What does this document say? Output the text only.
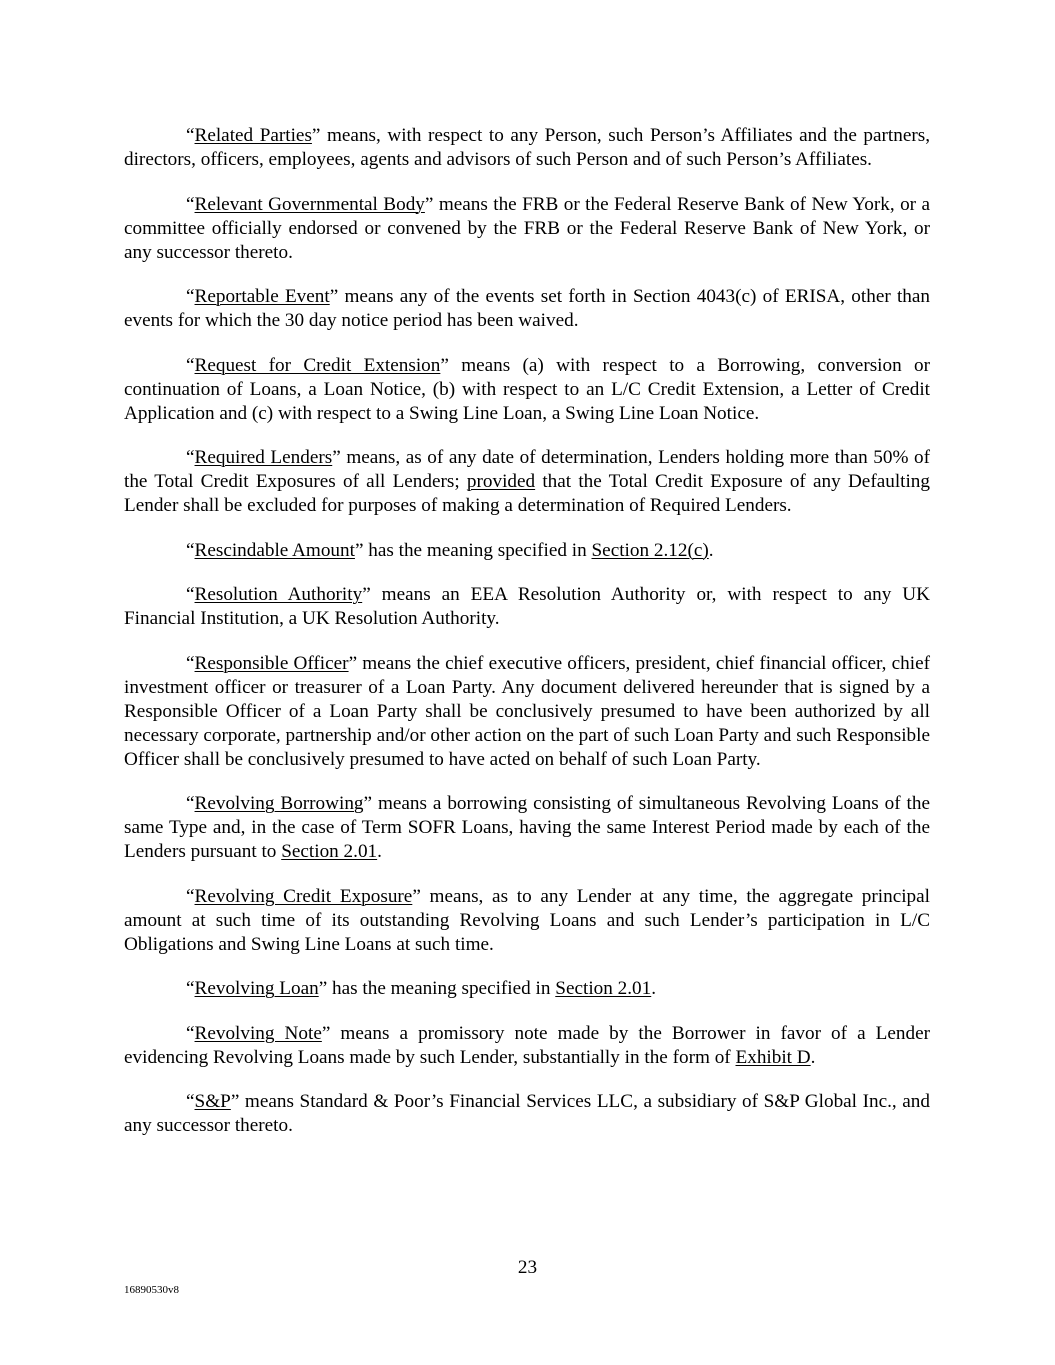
“Related Parties” means, with respect to any Person, such Person’s Affiliates and the partners, directors, officers, employees, agents and advisors of such Person and of such Person’s Affiliates.

“Relevant Governmental Body” means the FRB or the Federal Reserve Bank of New York, or a committee officially endorsed or convened by the FRB or the Federal Reserve Bank of New York, or any successor thereto.

“Reportable Event” means any of the events set forth in Section 4043(c) of ERISA, other than events for which the 30 day notice period has been waived.

“Request for Credit Extension” means (a) with respect to a Borrowing, conversion or continuation of Loans, a Loan Notice, (b) with respect to an L/C Credit Extension, a Letter of Credit Application and (c) with respect to a Swing Line Loan, a Swing Line Loan Notice.

“Required Lenders” means, as of any date of determination, Lenders holding more than 50% of the Total Credit Exposures of all Lenders; provided that the Total Credit Exposure of any Defaulting Lender shall be excluded for purposes of making a determination of Required Lenders.

“Rescindable Amount” has the meaning specified in Section 2.12(c).

“Resolution Authority” means an EEA Resolution Authority or, with respect to any UK Financial Institution, a UK Resolution Authority.

“Responsible Officer” means the chief executive officers, president, chief financial officer, chief investment officer or treasurer of a Loan Party. Any document delivered hereunder that is signed by a Responsible Officer of a Loan Party shall be conclusively presumed to have been authorized by all necessary corporate, partnership and/or other action on the part of such Loan Party and such Responsible Officer shall be conclusively presumed to have acted on behalf of such Loan Party.

“Revolving Borrowing” means a borrowing consisting of simultaneous Revolving Loans of the same Type and, in the case of Term SOFR Loans, having the same Interest Period made by each of the Lenders pursuant to Section 2.01.

“Revolving Credit Exposure” means, as to any Lender at any time, the aggregate principal amount at such time of its outstanding Revolving Loans and such Lender’s participation in L/C Obligations and Swing Line Loans at such time.

“Revolving Loan” has the meaning specified in Section 2.01.

“Revolving Note” means a promissory note made by the Borrower in favor of a Lender evidencing Revolving Loans made by such Lender, substantially in the form of Exhibit D.

“S&P” means Standard & Poor’s Financial Services LLC, a subsidiary of S&P Global Inc., and any successor thereto.

23
16890530v8
